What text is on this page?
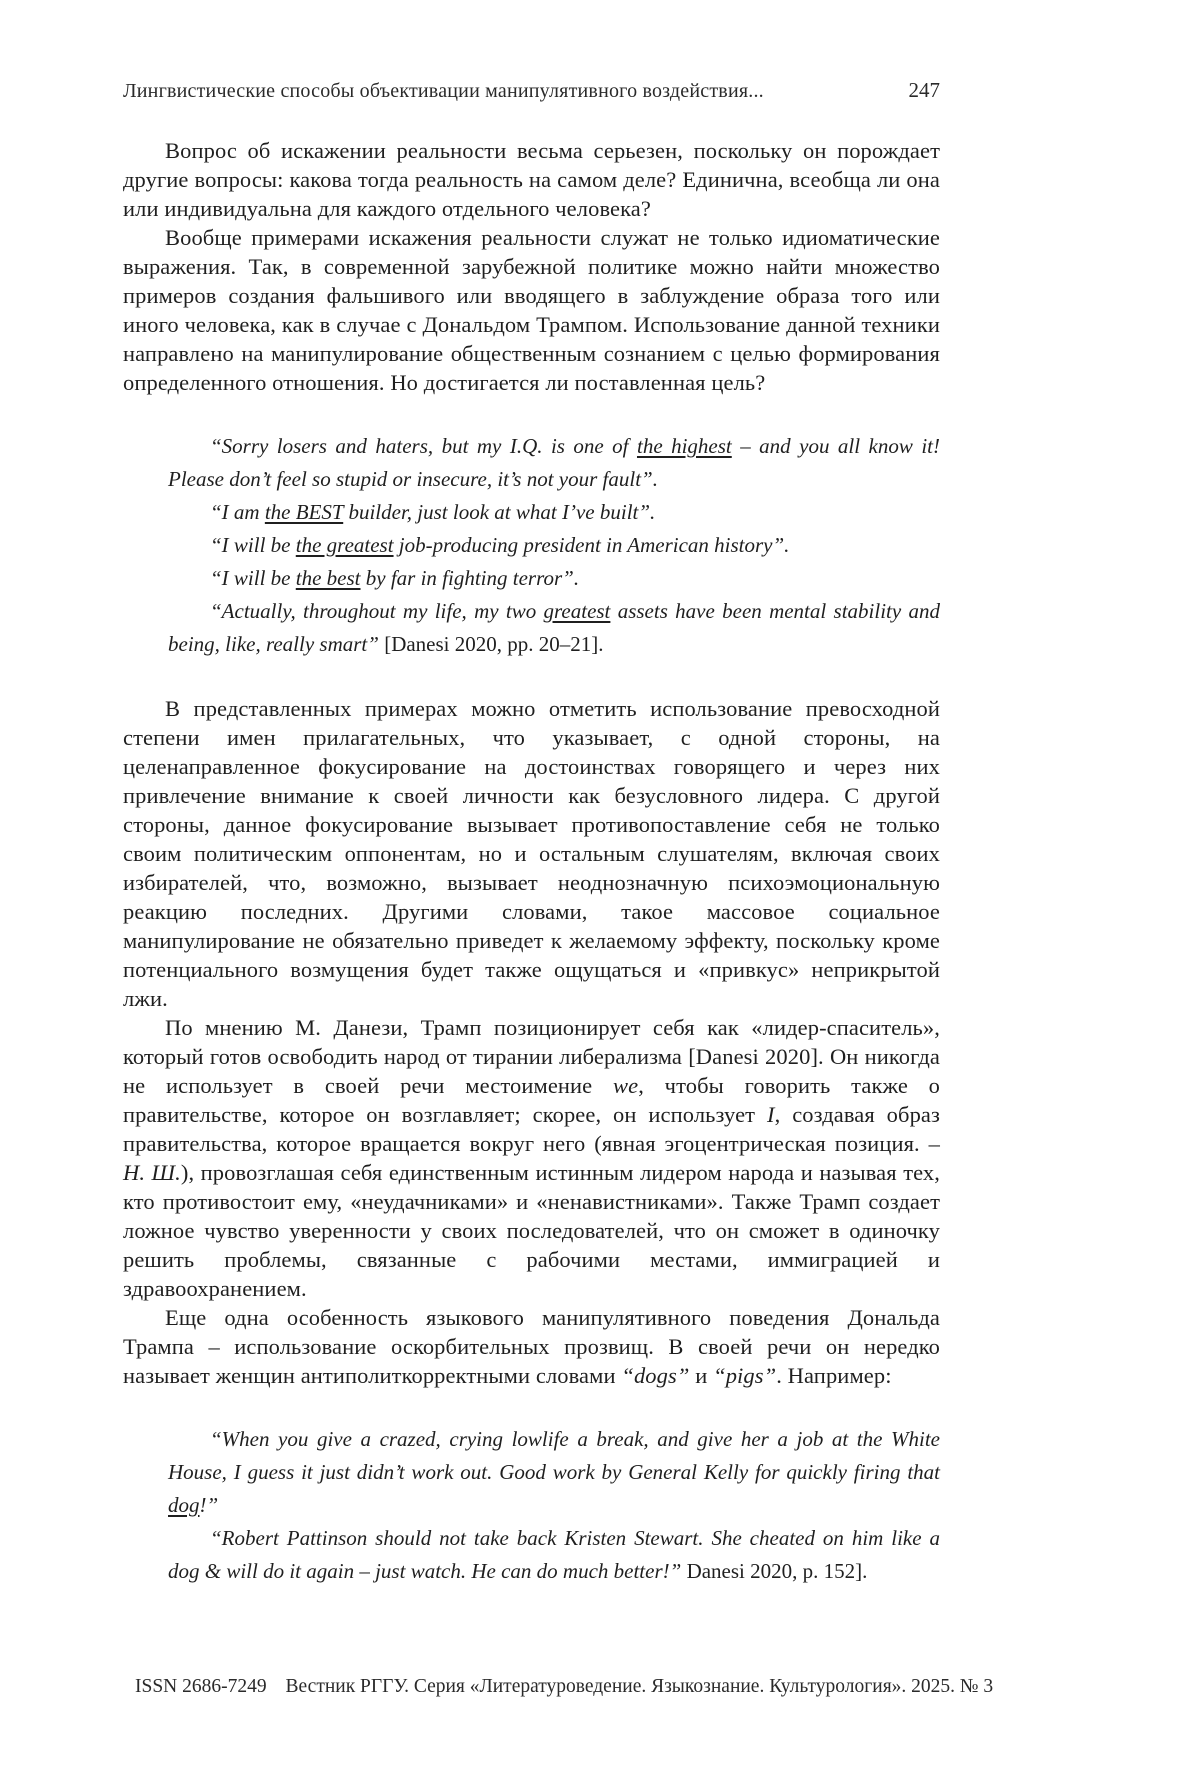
Лингвистические способы объективации манипулятивного воздействия...	247

Вопрос об искажении реальности весьма серьезен, поскольку он порождает другие вопросы: какова тогда реальность на самом деле? Единична, всеобща ли она или индивидуальна для каждого отдельного человека?

Вообще примерами искажения реальности служат не только идиоматические выражения. Так, в современной зарубежной политике можно найти множество примеров создания фальшивого или вводящего в заблуждение образа того или иного человека, как в случае с Дональдом Трампом. Использование данной техники направлено на манипулирование общественным сознанием с целью формирования определенного отношения. Но достигается ли поставленная цель?

“Sorry losers and haters, but my I.Q. is one of the highest – and you all know it! Please don’t feel so stupid or insecure, it’s not your fault”.

“I am the BEST builder, just look at what I’ve built”.

“I will be the greatest job-producing president in American history”.

“I will be the best by far in fighting terror”.

“Actually, throughout my life, my two greatest assets have been mental stability and being, like, really smart” [Danesi 2020, pp. 20–21].

В представленных примерах можно отметить использование превосходной степени имен прилагательных, что указывает, с одной стороны, на целенаправленное фокусирование на достоинствах говорящего и через них привлечение внимание к своей личности как безусловного лидера. С другой стороны, данное фокусирование вызывает противопоставление себя не только своим политическим оппонентам, но и остальным слушателям, включая своих избирателей, что, возможно, вызывает неоднозначную психоэмоциональную реакцию последних. Другими словами, такое массовое социальное манипулирование не обязательно приведет к желаемому эффекту, поскольку кроме потенциального возмущения будет также ощущаться и «привкус» неприкрытой лжи.

По мнению М. Данези, Трамп позиционирует себя как «лидер-спаситель», который готов освободить народ от тирании либерализма [Danesi 2020]. Он никогда не использует в своей речи местоимение we, чтобы говорить также о правительстве, которое он возглавляет; скорее, он использует I, создавая образ правительства, которое вращается вокруг него (явная эгоцентрическая позиция. – Н. Ш.), провозглашая себя единственным истинным лидером народа и называя тех, кто противостоит ему, «неудачниками» и «ненавистниками». Также Трамп создает ложное чувство уверенности у своих последователей, что он сможет в одиночку решить проблемы, связанные с рабочими местами, иммиграцией и здравоохранением.

Еще одна особенность языкового манипулятивного поведения Дональда Трампа – использование оскорбительных прозвищ. В своей речи он нередко называет женщин антиполиткорректными словами “dogs” и “pigs”. Например:

“When you give a crazed, crying lowlife a break, and give her a job at the White House, I guess it just didn’t work out. Good work by General Kelly for quickly firing that dog!”

“Robert Pattinson should not take back Kristen Stewart. She cheated on him like a dog & will do it again – just watch. He can do much better!” Danesi 2020, p. 152].

ISSN 2686-7249 Вестник РГГУ. Серия «Литературоведение. Языкознание. Культурология». 2025. № 3
